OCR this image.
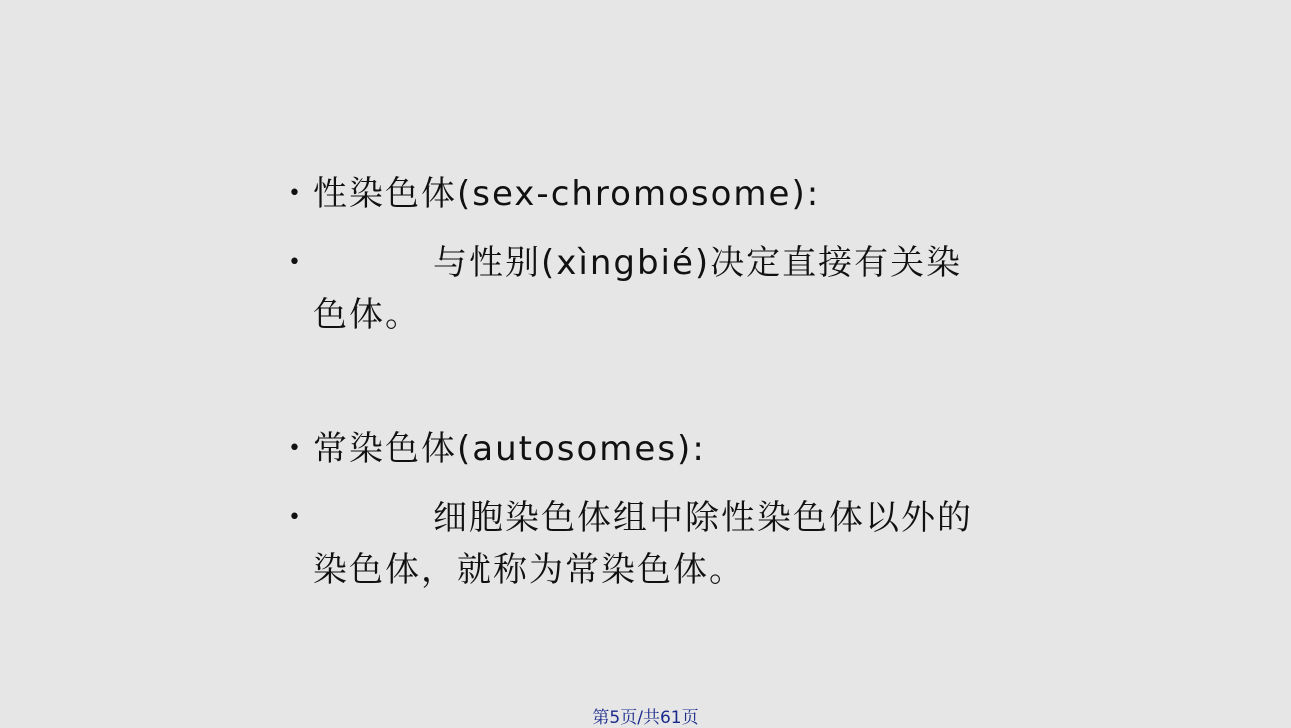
• 性染色体(sex-chromosome):
•	与性别(xìngbié)决定直接有关染色体。
• 常染色体(autosomes):
•	细胞染色体组中除性染色体以外的染色体，就称为常染色体。
第5页/共61页
